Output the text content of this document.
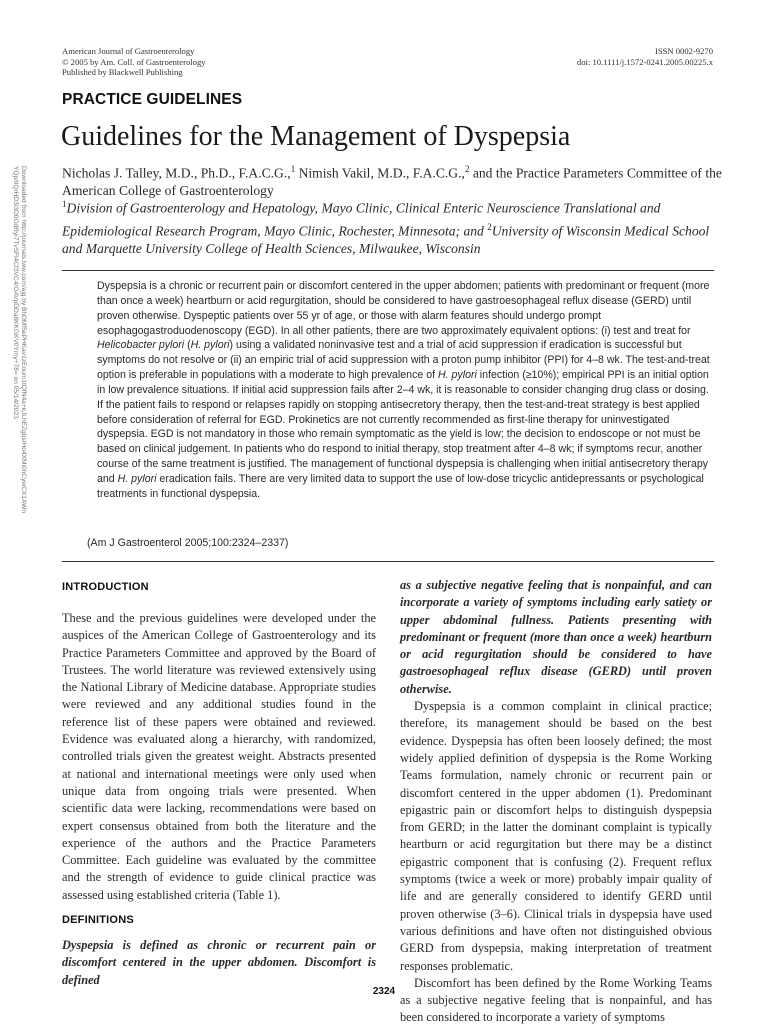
American Journal of Gastroenterology
© 2005 by Am. Coll. of Gastroenterology
Published by Blackwell Publishing
ISSN 0002-9270
doi: 10.1111/j.1572-0241.2005.00225.x
PRACTICE GUIDELINES
Guidelines for the Management of Dyspepsia
Nicholas J. Talley, M.D., Ph.D., F.A.C.G.,$^1$ Nimish Vakil, M.D., F.A.C.G.,$^2$ and the Practice Parameters Committee of the American College of Gastroenterology
$^1$Division of Gastroenterology and Hepatology, Mayo Clinic, Clinical Enteric Neuroscience Translational and Epidemiological Research Program, Mayo Clinic, Rochester, Minnesota; and $^2$University of Wisconsin Medical School and Marquette University College of Health Sciences, Milwaukee, Wisconsin
Dyspepsia is a chronic or recurrent pain or discomfort centered in the upper abdomen; patients with predominant or frequent (more than once a week) heartburn or acid regurgitation, should be considered to have gastroesophageal reflux disease (GERD) until proven otherwise. Dyspeptic patients over 55 yr of age, or those with alarm features should undergo prompt esophagogastroduodenoscopy (EGD). In all other patients, there are two approximately equivalent options: (i) test and treat for Helicobacter pylori (H. pylori) using a validated noninvasive test and a trial of acid suppression if eradication is successful but symptoms do not resolve or (ii) an empiric trial of acid suppression with a proton pump inhibitor (PPI) for 4–8 wk. The test-and-treat option is preferable in populations with a moderate to high prevalence of H. pylori infection (≥10%); empirical PPI is an initial option in low prevalence situations. If initial acid suppression fails after 2–4 wk, it is reasonable to consider changing drug class or dosing. If the patient fails to respond or relapses rapidly on stopping antisecretory therapy, then the test-and-treat strategy is best applied before consideration of referral for EGD. Prokinetics are not currently recommended as first-line therapy for uninvestigated dyspepsia. EGD is not mandatory in those who remain symptomatic as the yield is low; the decision to endoscope or not must be based on clinical judgement. In patients who do respond to initial therapy, stop treatment after 4–8 wk; if symptoms recur, another course of the same treatment is justified. The management of functional dyspepsia is challenging when initial antisecretory therapy and H. pylori eradication fails. There are very limited data to support the use of low-dose tricyclic antidepressants or psychological treatments in functional dyspepsia.
(Am J Gastroenterol 2005;100:2324–2337)
Downloaded from http://journals.lww.com/ajg by BhDMf5ePHKav1zEoum1tQfN4a+kJLhEZgbsIHo4XMi0hCywCX1AWn
YQp/IlQrHD3i3D0OdRyi7TvSFl4Cf3VC4/OAVpDDa8KKGKV0Ymy+78= on 05/14/2023
INTRODUCTION
These and the previous guidelines were developed under the auspices of the American College of Gastroenterology and its Practice Parameters Committee and approved by the Board of Trustees. The world literature was reviewed extensively using the National Library of Medicine database. Appropriate studies were reviewed and any additional studies found in the reference list of these papers were obtained and reviewed. Evidence was evaluated along a hierarchy, with randomized, controlled trials given the greatest weight. Abstracts presented at national and international meetings were only used when unique data from ongoing trials were presented. When scientific data were lacking, recommendations were based on expert consensus obtained from both the literature and the experience of the authors and the Practice Parameters Committee. Each guideline was evaluated by the committee and the strength of evidence to guide clinical practice was assessed using established criteria (Table 1).
DEFINITIONS
Dyspepsia is defined as chronic or recurrent pain or discomfort centered in the upper abdomen. Discomfort is defined
as a subjective negative feeling that is nonpainful, and can incorporate a variety of symptoms including early satiety or upper abdominal fullness. Patients presenting with predominant or frequent (more than once a week) heartburn or acid regurgitation should be considered to have gastroesophageal reflux disease (GERD) until proven otherwise.
Dyspepsia is a common complaint in clinical practice; therefore, its management should be based on the best evidence. Dyspepsia has often been loosely defined; the most widely applied definition of dyspepsia is the Rome Working Teams formulation, namely chronic or recurrent pain or discomfort centered in the upper abdomen (1). Predominant epigastric pain or discomfort helps to distinguish dyspepsia from GERD; in the latter the dominant complaint is typically heartburn or acid regurgitation but there may be a distinct epigastric component that is confusing (2). Frequent reflux symptoms (twice a week or more) probably impair quality of life and are generally considered to identify GERD until proven otherwise (3–6). Clinical trials in dyspepsia have used various definitions and have often not distinguished obvious GERD from dyspepsia, making interpretation of treatment responses problematic.
Discomfort has been defined by the Rome Working Teams as a subjective negative feeling that is nonpainful, and has been considered to incorporate a variety of symptoms
2324
